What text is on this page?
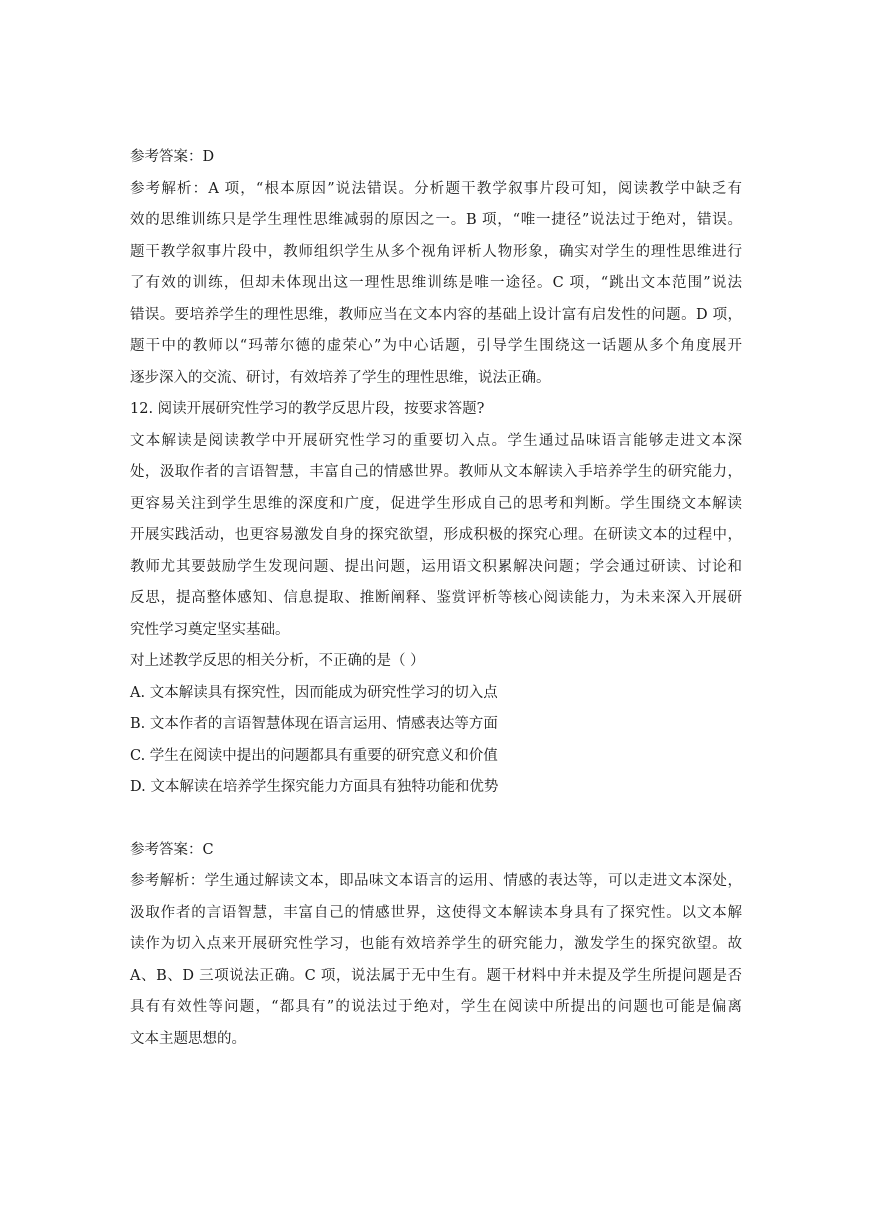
参考答案：D
参考解析：A 项，“根本原因”说法错误。分析题干教学叙事片段可知，阅读教学中缺乏有
效的思维训练只是学生理性思维减弱的原因之一。B 项，“唯一捷径”说法过于绝对，错误。
题干教学叙事片段中，教师组织学生从多个视角评析人物形象，确实对学生的理性思维进行
了有效的训练，但却未体现出这一理性思维训练是唯一途径。C 项，“跳出文本范围”说法
错误。要培养学生的理性思维，教师应当在文本内容的基础上设计富有启发性的问题。D 项，
题干中的教师以“玛蒂尔德的虚荣心”为中心话题，引导学生围绕这一话题从多个角度展开
逐步深入的交流、研讨，有效培养了学生的理性思维，说法正确。
12. 阅读开展研究性学习的教学反思片段，按要求答题?
文本解读是阅读教学中开展研究性学习的重要切入点。学生通过品味语言能够走进文本深
处，汲取作者的言语智慧，丰富自己的情感世界。教师从文本解读入手培养学生的研究能力，
更容易关注到学生思维的深度和广度，促进学生形成自己的思考和判断。学生围绕文本解读
开展实践活动，也更容易激发自身的探究欲望，形成积极的探究心理。在研读文本的过程中，
教师尤其要鼓励学生发现问题、提出问题，运用语文积累解决问题；学会通过研读、讨论和
反思，提高整体感知、信息提取、推断阐释、鉴赏评析等核心阅读能力，为未来深入开展研
究性学习奠定坚实基础。
对上述教学反思的相关分析，不正确的是（ ）
A. 文本解读具有探究性，因而能成为研究性学习的切入点
B. 文本作者的言语智慧体现在语言运用、情感表达等方面
C. 学生在阅读中提出的问题都具有重要的研究意义和价值
D. 文本解读在培养学生探究能力方面具有独特功能和优势
参考答案：C
参考解析：学生通过解读文本，即品味文本语言的运用、情感的表达等，可以走进文本深处，
汲取作者的言语智慧，丰富自己的情感世界，这使得文本解读本身具有了探究性。以文本解
读作为切入点来开展研究性学习，也能有效培养学生的研究能力，激发学生的探究欲望。故
A、B、D 三项说法正确。C 项，说法属于无中生有。题干材料中并未提及学生所提问题是否
具有有效性等问题，“都具有”的说法过于绝对，学生在阅读中所提出的问题也可能是偏离
文本主题思想的。
